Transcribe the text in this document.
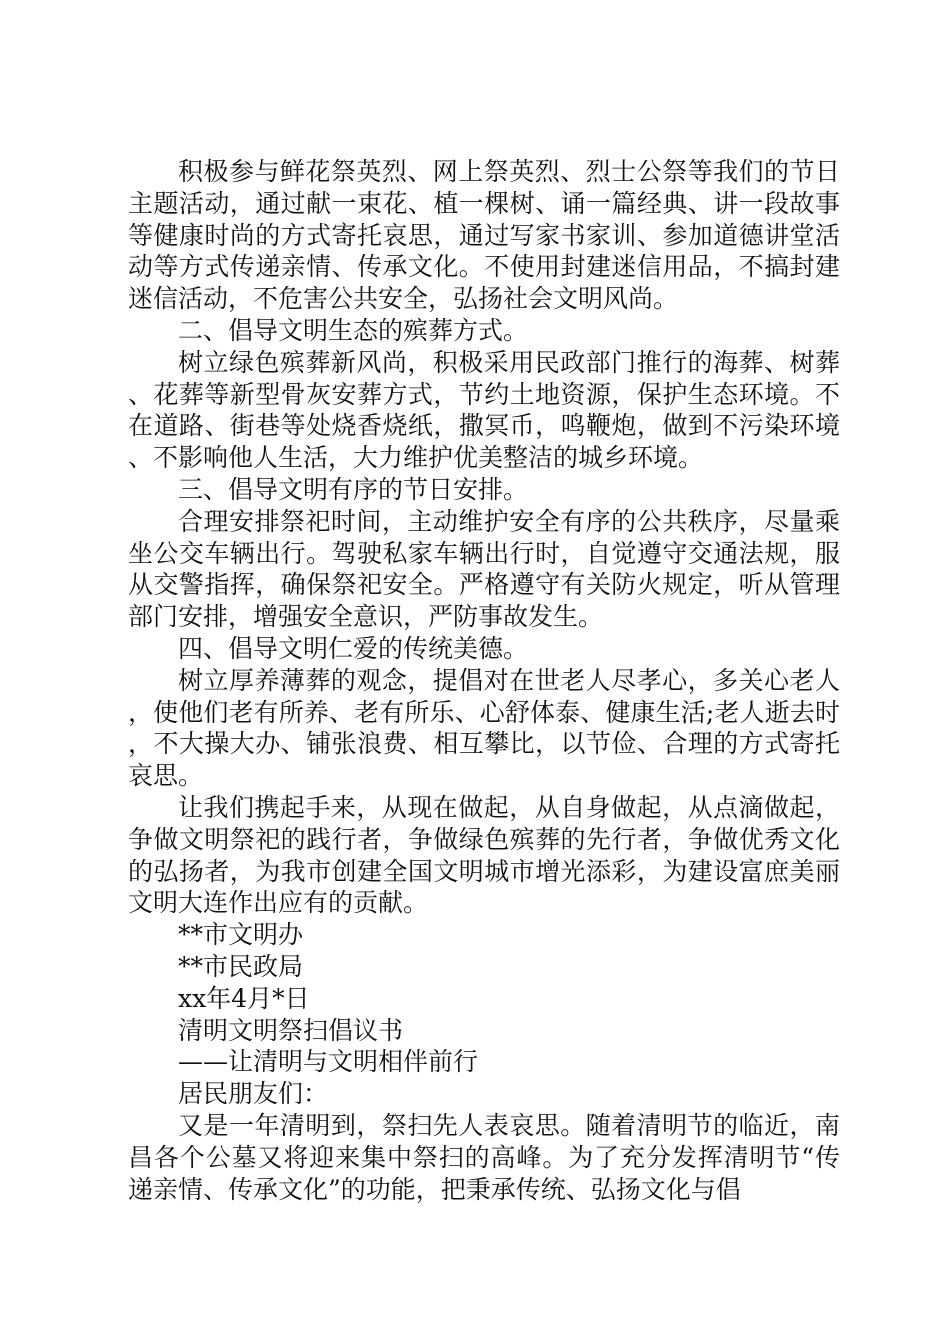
积极参与鲜花祭英烈、网上祭英烈、烈士公祭等我们的节日主题活动，通过献一束花、植一棵树、诵一篇经典、讲一段故事等健康时尚的方式寄托哀思，通过写家书家训、参加道德讲堂活动等方式传递亲情、传承文化。不使用封建迷信用品，不搞封建迷信活动，不危害公共安全，弘扬社会文明风尚。

二、倡导文明生态的殡葬方式。

树立绿色殡葬新风尚，积极采用民政部门推行的海葬、树葬、花葬等新型骨灰安葬方式，节约土地资源，保护生态环境。不在道路、街巷等处烧香烧纸，撒冥币，鸣鞭炮，做到不污染环境、不影响他人生活，大力维护优美整洁的城乡环境。

三、倡导文明有序的节日安排。

合理安排祭祀时间，主动维护安全有序的公共秩序，尽量乘坐公交车辆出行。驾驶私家车辆出行时，自觉遵守交通法规，服从交警指挥，确保祭祀安全。严格遵守有关防火规定，听从管理部门安排，增强安全意识，严防事故发生。

四、倡导文明仁爱的传统美德。

树立厚养薄葬的观念，提倡对在世老人尽孝心，多关心老人，使他们老有所养、老有所乐、心舒体泰、健康生活;老人逝去时，不大操大办、铺张浪费、相互攀比，以节俭、合理的方式寄托哀思。

让我们携起手来，从现在做起，从自身做起，从点滴做起，争做文明祭祀的践行者，争做绿色殡葬的先行者，争做优秀文化的弘扬者，为我市创建全国文明城市增光添彩，为建设富庶美丽文明大连作出应有的贡献。

**市文明办

**市民政局

xx年4月*日

清明文明祭扫倡议书

——让清明与文明相伴前行

居民朋友们：

又是一年清明到，祭扫先人表哀思。随着清明节的临近，南昌各个公墓又将迎来集中祭扫的高峰。为了充分发挥清明节“传递亲情、传承文化”的功能，把秉承传统、弘扬文化与倡
